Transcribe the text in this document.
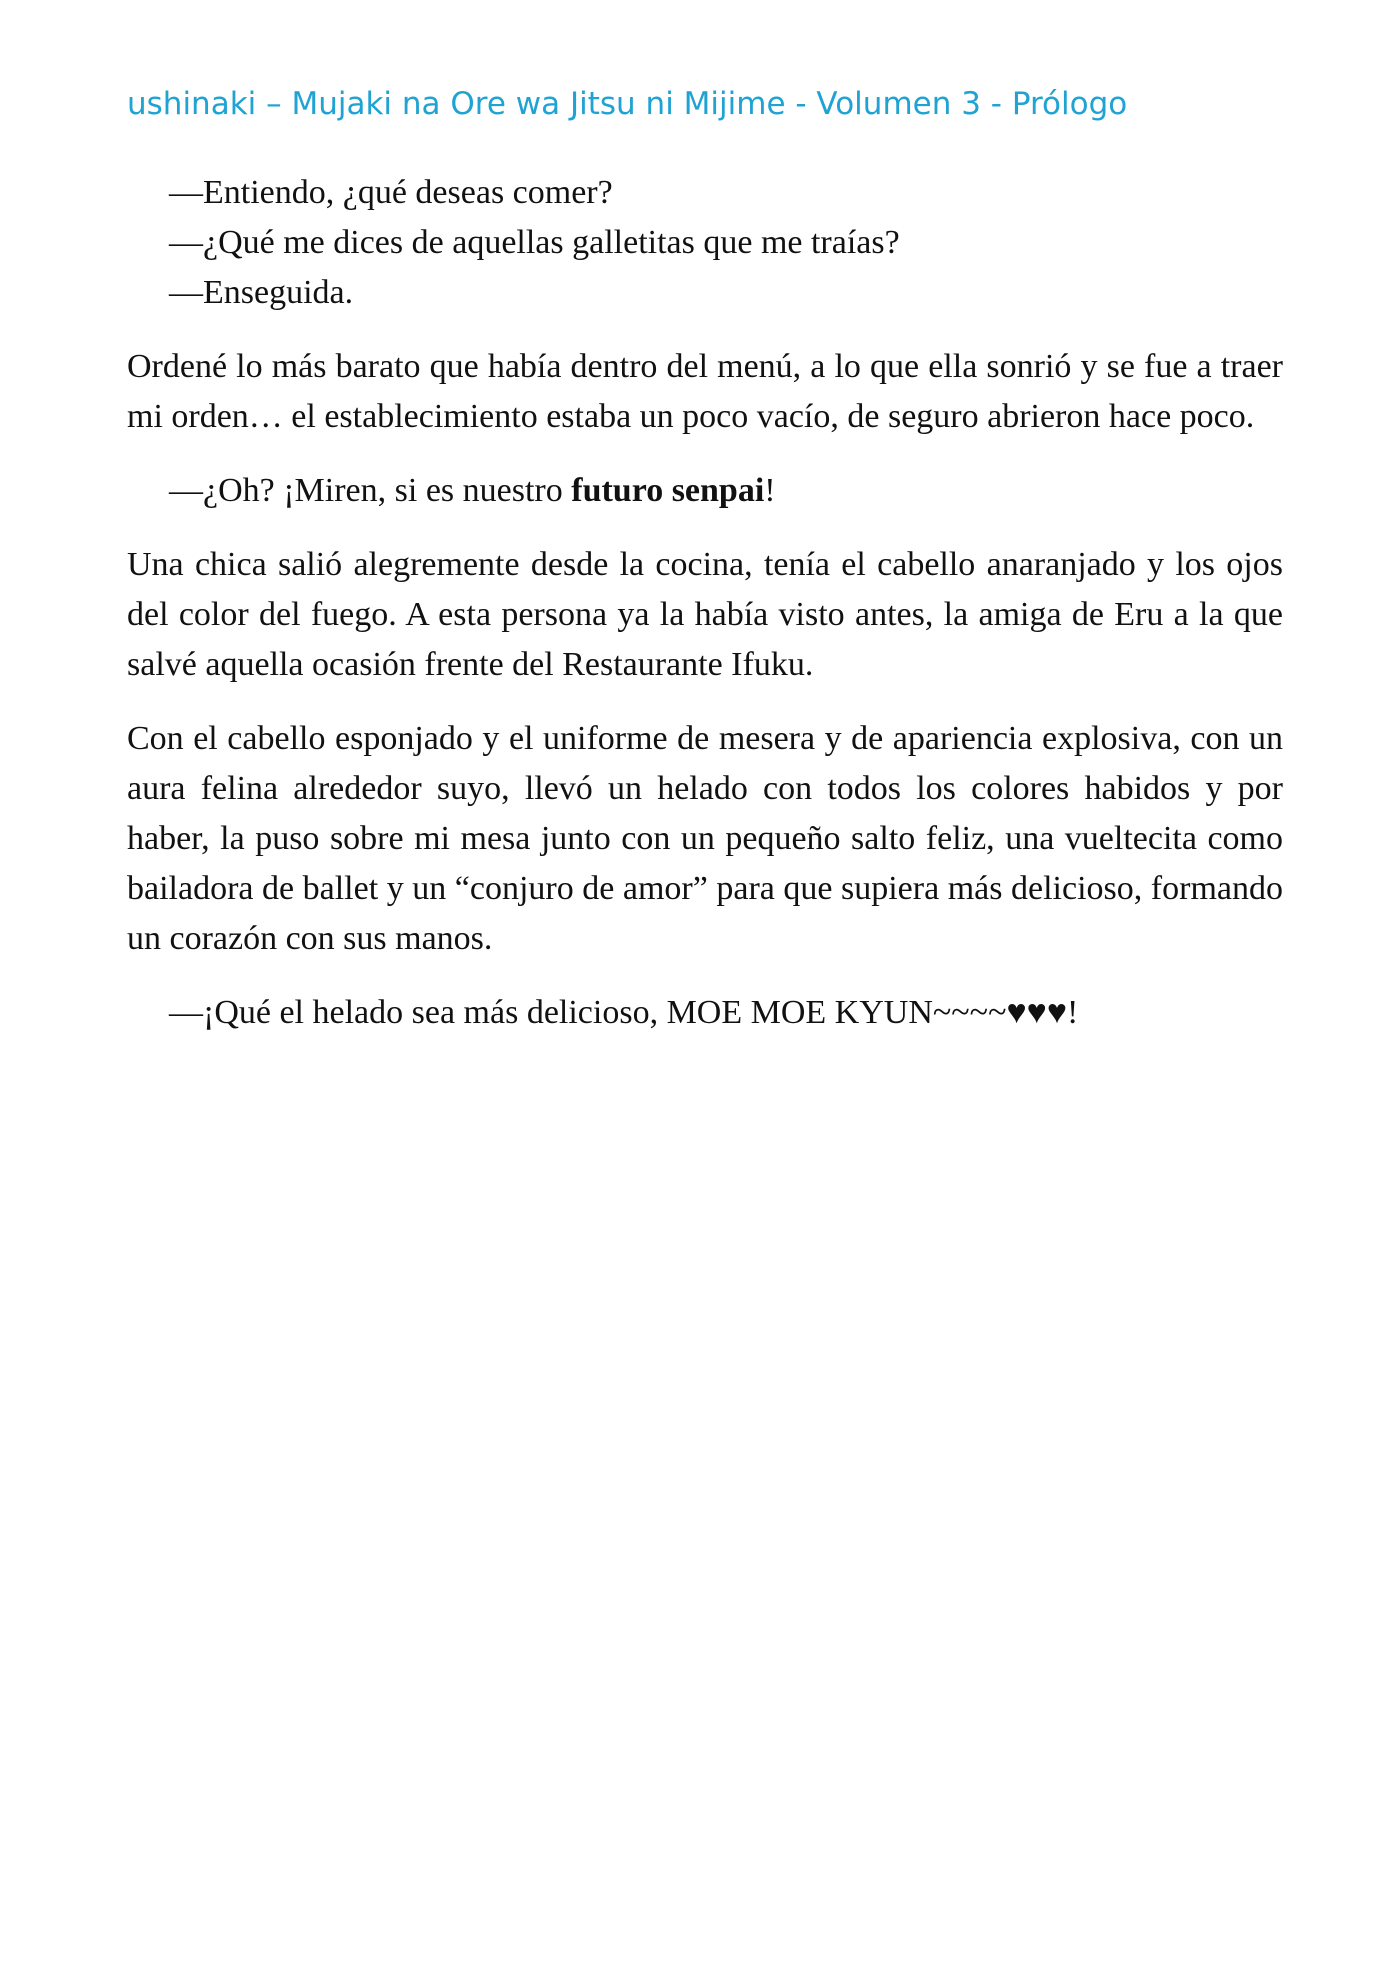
ushinaki – Mujaki na Ore wa Jitsu ni Mijime - Volumen 3 - Prólogo

—Entiendo, ¿qué deseas comer?

—¿Qué me dices de aquellas galletitas que me traías?

—Enseguida.

Ordené lo más barato que había dentro del menú, a lo que ella sonrió y se fue a traer mi orden… el establecimiento estaba un poco vacío, de seguro abrieron hace poco.

—¿Oh? ¡Miren, si es nuestro futuro senpai!

Una chica salió alegremente desde la cocina, tenía el cabello anaranjado y los ojos del color del fuego. A esta persona ya la había visto antes, la amiga de Eru a la que salvé aquella ocasión frente del Restaurante Ifuku.

Con el cabello esponjado y el uniforme de mesera y de apariencia explosiva, con un aura felina alrededor suyo, llevó un helado con todos los colores habidos y por haber, la puso sobre mi mesa junto con un pequeño salto feliz, una vueltecita como bailadora de ballet y un “conjuro de amor” para que supiera más delicioso, formando un corazón con sus manos.

—¡Qué el helado sea más delicioso, MOE MOE KYUN~~~~♥♥♥!
